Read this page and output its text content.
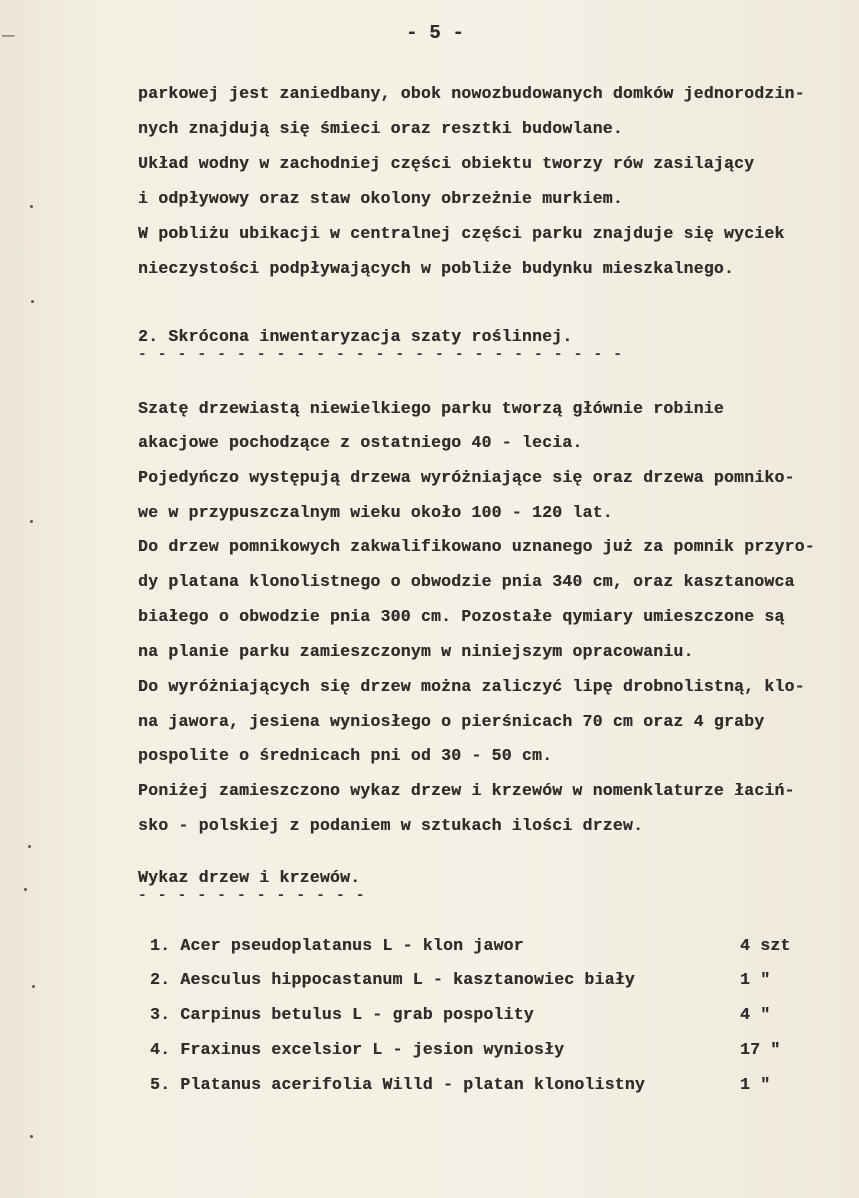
▬▬▬	- 5 -
parkowej jest zaniedbany, obok nowozbudowanych domków jednorodzin-
nych znajdują się śmieci oraz resztki budowlane.
Układ wodny w zachodniej części obiektu tworzy rów zasilający
i odpływowy oraz staw okolony obrzeżnie murkiem.
W pobliżu ubikacji w centralnej części parku znajduje się wyciek
nieczystości podpływających w pobliże budynku mieszkalnego.
2. Skrócona inwentaryzacja szaty roślinnej.
- - - - - - - - - - - - - - - - - - - - - - - - -
Szatę drzewiastą niewielkiego parku tworzą głównie robinie
akacjowe pochodzące z ostatniego 40 - lecia.
Pojedyńczo występują drzewa wyróżniające się oraz drzewa pomniko-
we w przypuszczalnym wieku około 100 - 120 lat.
Do drzew pomnikowych zakwalifikowano uznanego już za pomnik przyro-
dy platana klonolistnego o obwodzie pnia 340 cm, oraz kasztanowca
białego o obwodzie pnia 300 cm. Pozostałe qymiary umieszczone są
na planie parku zamieszczonym w niniejszym opracowaniu.
Do wyróżniających się drzew można zaliczyć lipę drobnolistną, klo-
na jawora, jesiena wyniosłego o pierśnicach 70 cm oraz 4 graby
pospolite o średnicach pni od 30 - 50 cm.
Poniżej zamieszczono wykaz drzew i krzewów w nomenklaturze łaciń-
sko - polskiej z podaniem w sztukach ilości drzew.
Wykaz drzew i krzewów.
- - - - - - - - - - - -
1. Acer pseudoplatanus L - klon jawor	4 szt
2. Aesculus hippocastanum L - kasztanowiec biały	1 "
3. Carpinus betulus L - grab pospolity	4 "
4. Fraxinus excelsior L - jesion wyniosły	17 "
5. Platanus acerifolia Willd - platan klonolistny	1 "
